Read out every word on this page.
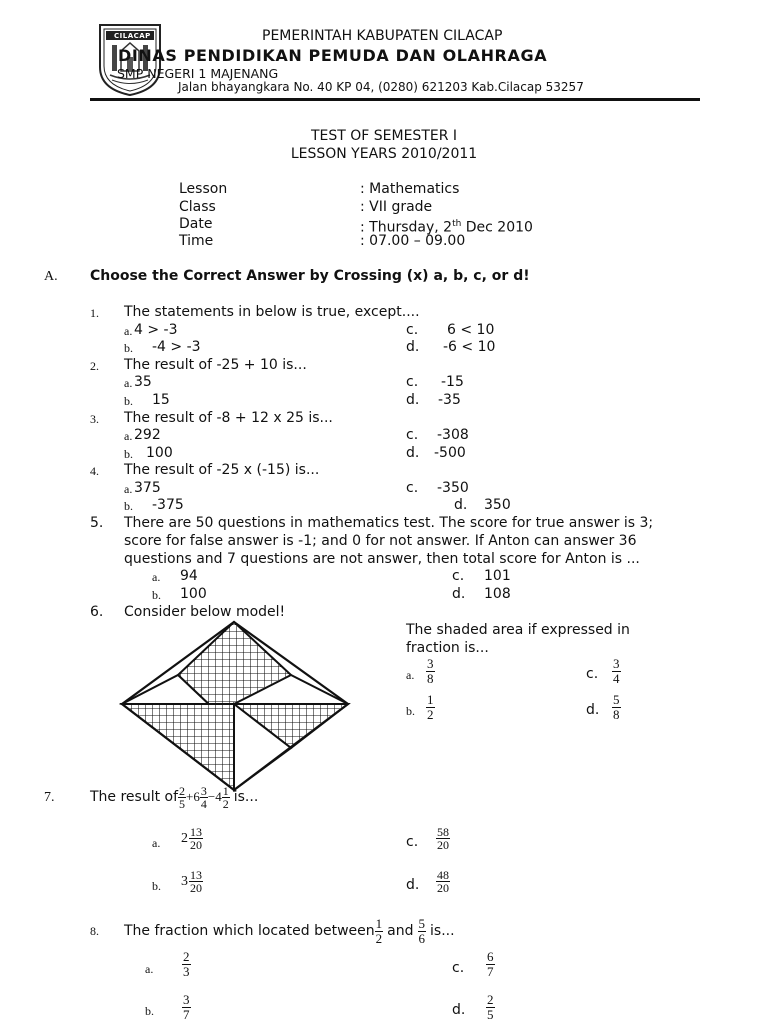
CILACAP	PEMERINTAH KABUPATEN CILACAP
DINAS PENDIDIKAN PEMUDA DAN OLAHRAGA
SMP NEGERI 1 MAJENANG
Jalan bhayangkara No. 40 KP 04, (0280) 621203 Kab.Cilacap 53257
TEST OF SEMESTER I
LESSON YEARS 2010/2011
Lesson	: Mathematics
Class	: VII grade
Date	: Thursday, 2th Dec 2010
Time	: 07.00 – 09.00
A. Choose the Correct Answer by Crossing (x) a, b, c, or d!
1. The statements in below is true, except....
a. 4 > -3
b. -4 > -3
c. 6 < 10
d. -6 < 10
2. The result of -25 + 10 is...
a. 35
b.
b. 15
c. -15
d. -35
3. The result of -8 + 12 x 25 is...
a. 292
100
c. -308
d. -500
4. The result of -25 x (-15) is...
a. 375
b. -375
c. -350
d. 350
5. There are 50 questions in mathematics test. The score for true answer is 3;
score for false answer is -1; and 0 for not answer. If Anton can answer 36
questions and 7 questions are not answer, then total score for Anton is ...
a. 94
b. 100
c. 101
d. 108
6. Consider below model!
The shaded area if expressed in
fraction is...
a. $\frac{3}{8}$
b. $\frac{1}{2}$
c. $\frac{3}{4}$
d. $\frac{5}{8}$
7.	The result of $\frac{2}{5} +6 \frac{3}{4} -4 \frac{1}{2}$ is...
a. $2 \frac{13}{20}$
b. $3 \frac{13}{20}$
c. $\frac{58}{20}$
d. $\frac{48}{20}$
8. The fraction which located between $\frac{1}{2}$ and $\frac{5}{6}$ is...
a. $\frac{2}{3}$
b. $\frac{3}{7}$
c. $\frac{6}{7}$
d. $\frac{2}{5}$
